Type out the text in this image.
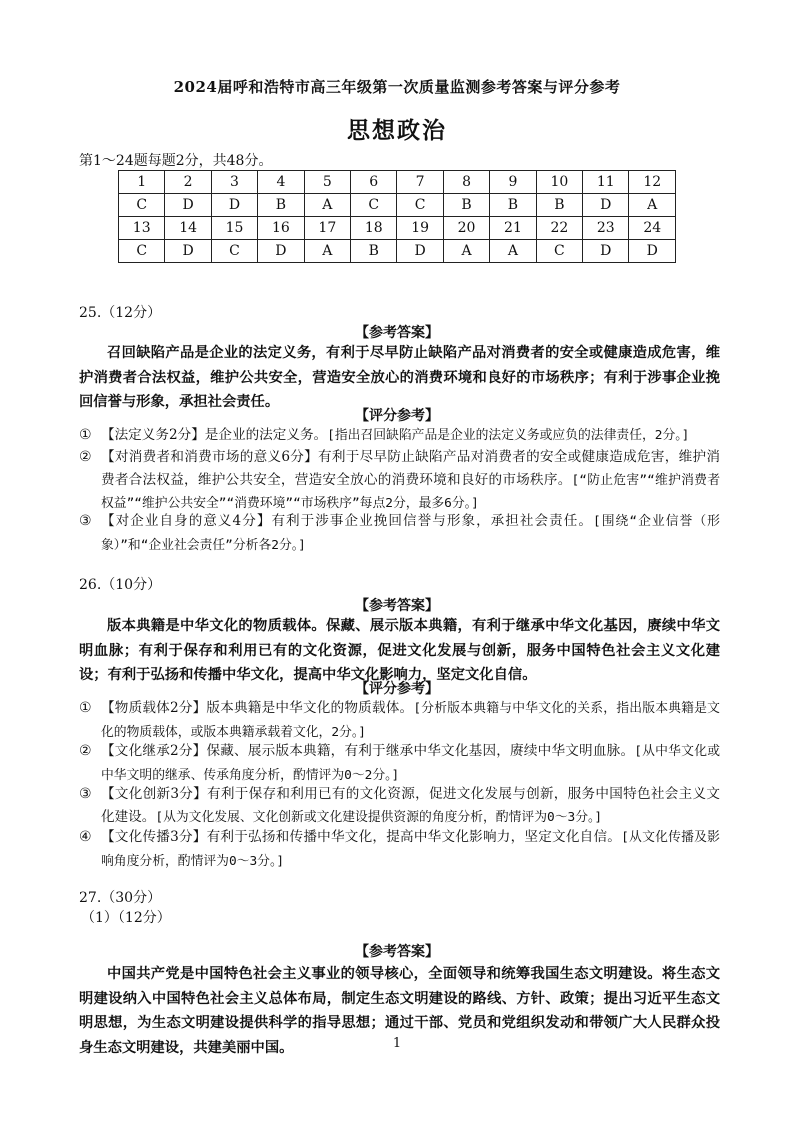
2024届呼和浩特市高三年级第一次质量监测参考答案与评分参考
思想政治
第1～24题每题2分，共48分。
1	2	3	4	5	6	7	8	9	10	11	12
C	D	D	B	A	C	C	B	B	B	D	A
13	14	15	16	17	18	19	20	21	22	23	24
C	D	C	D	A	B	D	A	A	C	D	D
25.（12分）
【参考答案】
召回缺陷产品是企业的法定义务，有利于尽早防止缺陷产品对消费者的安全或健康造成危害，维护消费者合法权益，维护公共安全，营造安全放心的消费环境和良好的市场秩序；有利于涉事企业挽回信誉与形象，承担社会责任。
【评分参考】
① 【法定义务2分】是企业的法定义务。[指出召回缺陷产品是企业的法定义务或应负的法律责任，2分。]
② 【对消费者和消费市场的意义6分】有利于尽早防止缺陷产品对消费者的安全或健康造成危害，维护消费者合法权益，维护公共安全，营造安全放心的消费环境和良好的市场秩序。[“防止危害”“维护消费者权益”“维护公共安全”“消费环境”“市场秩序”每点2分，最多6分。]
③ 【对企业自身的意义4分】有利于涉事企业挽回信誉与形象，承担社会责任。[围绕“企业信誉（形象）”和“企业社会责任”分析各2分。]
26.（10分）
【参考答案】
版本典籍是中华文化的物质载体。保藏、展示版本典籍，有利于继承中华文化基因，赓续中华文明血脉；有利于保存和利用已有的文化资源，促进文化发展与创新，服务中国特色社会主义文化建设；有利于弘扬和传播中华文化，提高中华文化影响力，坚定文化自信。
【评分参考】
① 【物质载体2分】版本典籍是中华文化的物质载体。[分析版本典籍与中华文化的关系，指出版本典籍是文化的物质载体，或版本典籍承载着文化，2分。]
② 【文化继承2分】保藏、展示版本典籍，有利于继承中华文化基因，赓续中华文明血脉。[从中华文化或中华文明的继承、传承角度分析，酌情评为0～2分。]
③ 【文化创新3分】有利于保存和利用已有的文化资源，促进文化发展与创新，服务中国特色社会主义文化建设。[从为文化发展、文化创新或文化建设提供资源的角度分析，酌情评为0～3分。]
④ 【文化传播3分】有利于弘扬和传播中华文化，提高中华文化影响力，坚定文化自信。[从文化传播及影响角度分析，酌情评为0～3分。]
27.（30分）
（1）（12分）
【参考答案】
中国共产党是中国特色社会主义事业的领导核心，全面领导和统筹我国生态文明建设。将生态文明建设纳入中国特色社会主义总体布局，制定生态文明建设的路线、方针、政策；提出习近平生态文明思想，为生态文明建设提供科学的指导思想；通过干部、党员和党组织发动和带领广大人民群众投身生态文明建设，共建美丽中国。	1
